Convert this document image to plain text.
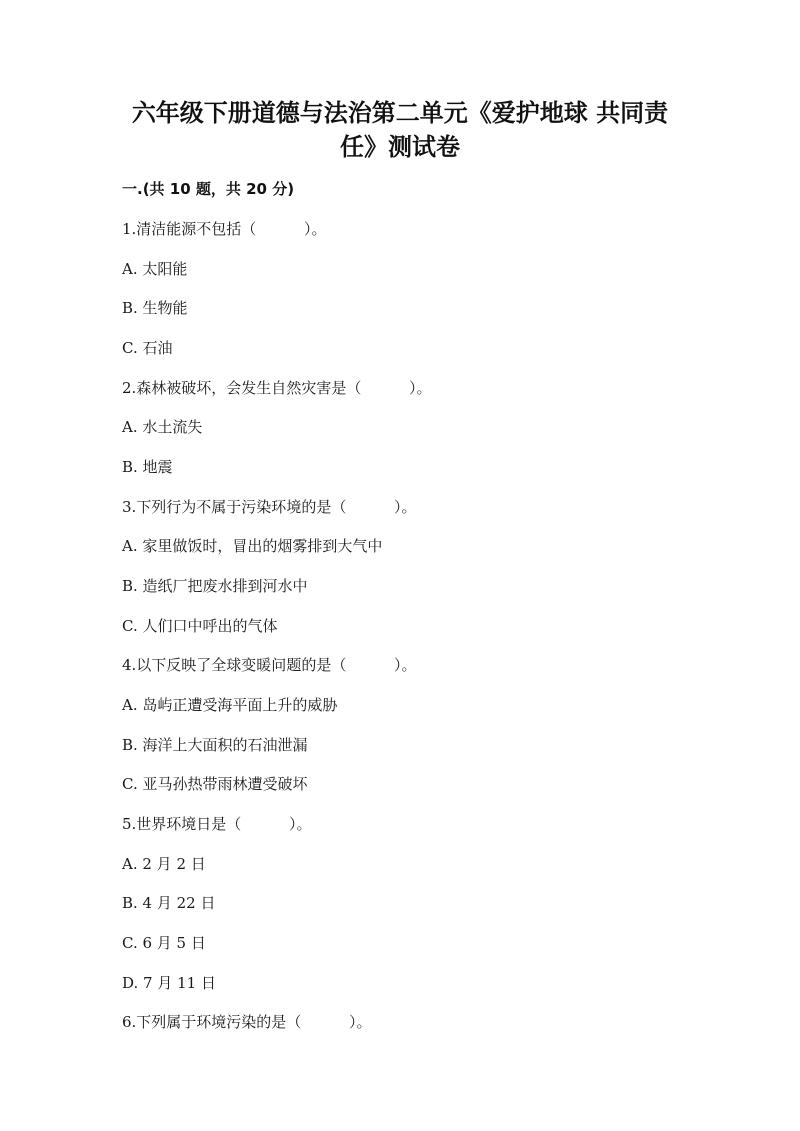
六年级下册道德与法治第二单元《爱护地球 共同责
任》测试卷
一.(共 10 题，共 20 分)
1.清洁能源不包括（          ）。
A. 太阳能
B. 生物能
C. 石油
2.森林被破坏，会发生自然灾害是（          ）。
A. 水土流失
B. 地震
3.下列行为不属于污染环境的是（          ）。
A. 家里做饭时，冒出的烟雾排到大气中
B. 造纸厂把废水排到河水中
C. 人们口中呼出的气体
4.以下反映了全球变暖问题的是（          ）。
A. 岛屿正遭受海平面上升的威胁
B. 海洋上大面积的石油泄漏
C. 亚马孙热带雨林遭受破坏
5.世界环境日是（          ）。
A. 2 月 2 日
B. 4 月 22 日
C. 6 月 5 日
D. 7 月 11 日
6.下列属于环境污染的是（          ）。
